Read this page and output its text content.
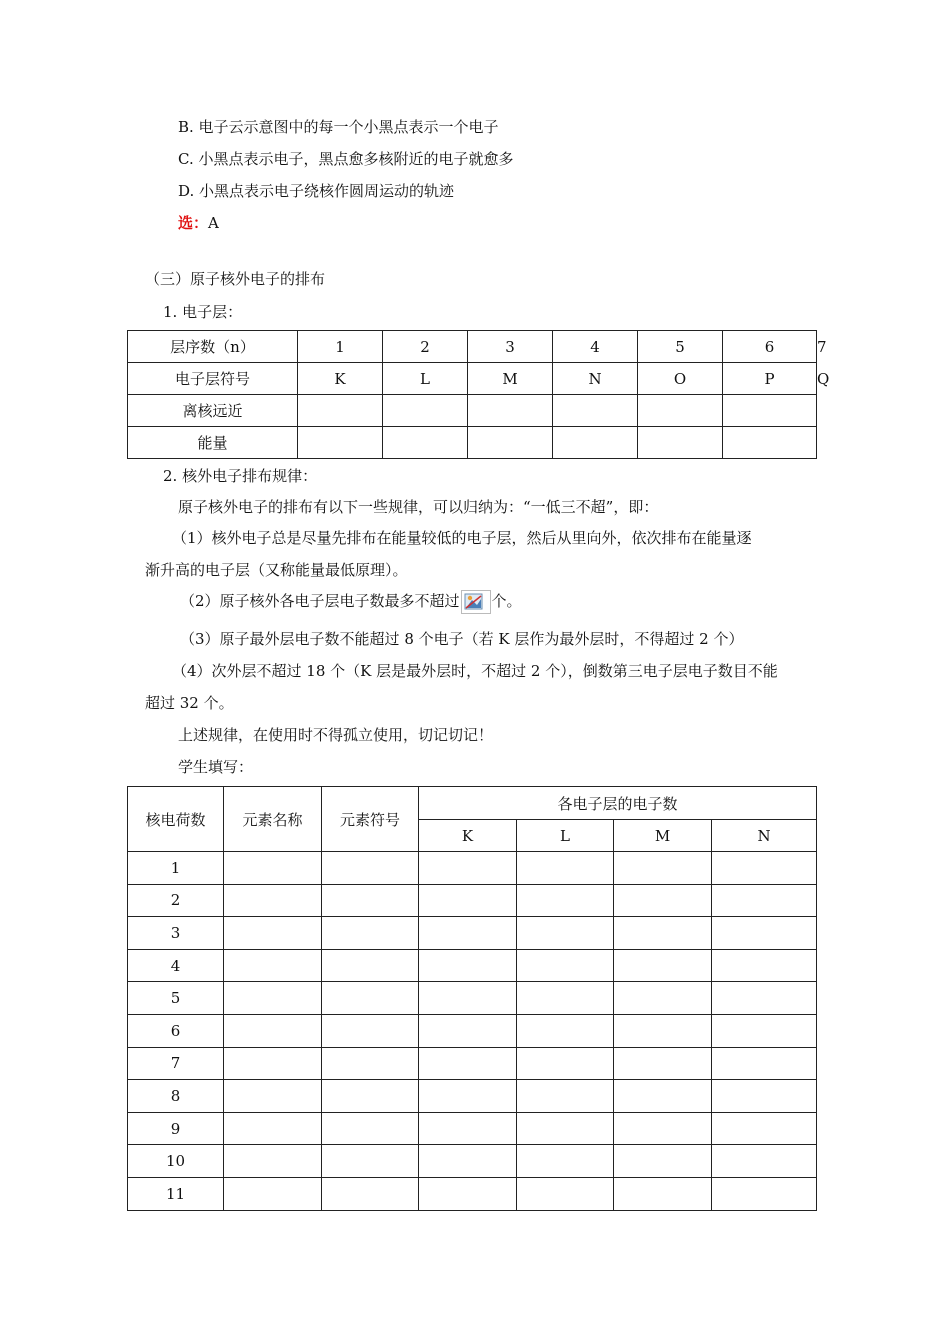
B. 电子云示意图中的每一个小黑点表示一个电子
C. 小黑点表示电子，黑点愈多核附近的电子就愈多
D. 小黑点表示电子绕核作圆周运动的轨迹
选：A
（三）原子核外电子的排布
1. 电子层：
层序数（n）	1	2	3	4	5	6	7
电子层符号	K	L	M	N	O	P	Q
离核远近							
能量							
2. 核外电子排布规律：
原子核外电子的排布有以下一些规律，可以归纳为：“一低三不超”，即：
（1）核外电子总是尽量先排布在能量较低的电子层，然后从里向外，依次排布在能量逐
渐升高的电子层（又称能量最低原理）。
（2）原子核外各电子层电子数最多不超过 个。
（3）原子最外层电子数不能超过 8 个电子（若 K 层作为最外层时，不得超过 2 个）
（4）次外层不超过 18 个（K 层是最外层时，不超过 2 个），倒数第三电子层电子数目不能
超过 32 个。
上述规律，在使用时不得孤立使用，切记切记！
学生填写：
核电荷数	元素名称	元素符号	各电子层的电子数			
			K	L	M	N
1						
2						
3						
4						
5						
6						
7						
8						
9						
10						
11						
